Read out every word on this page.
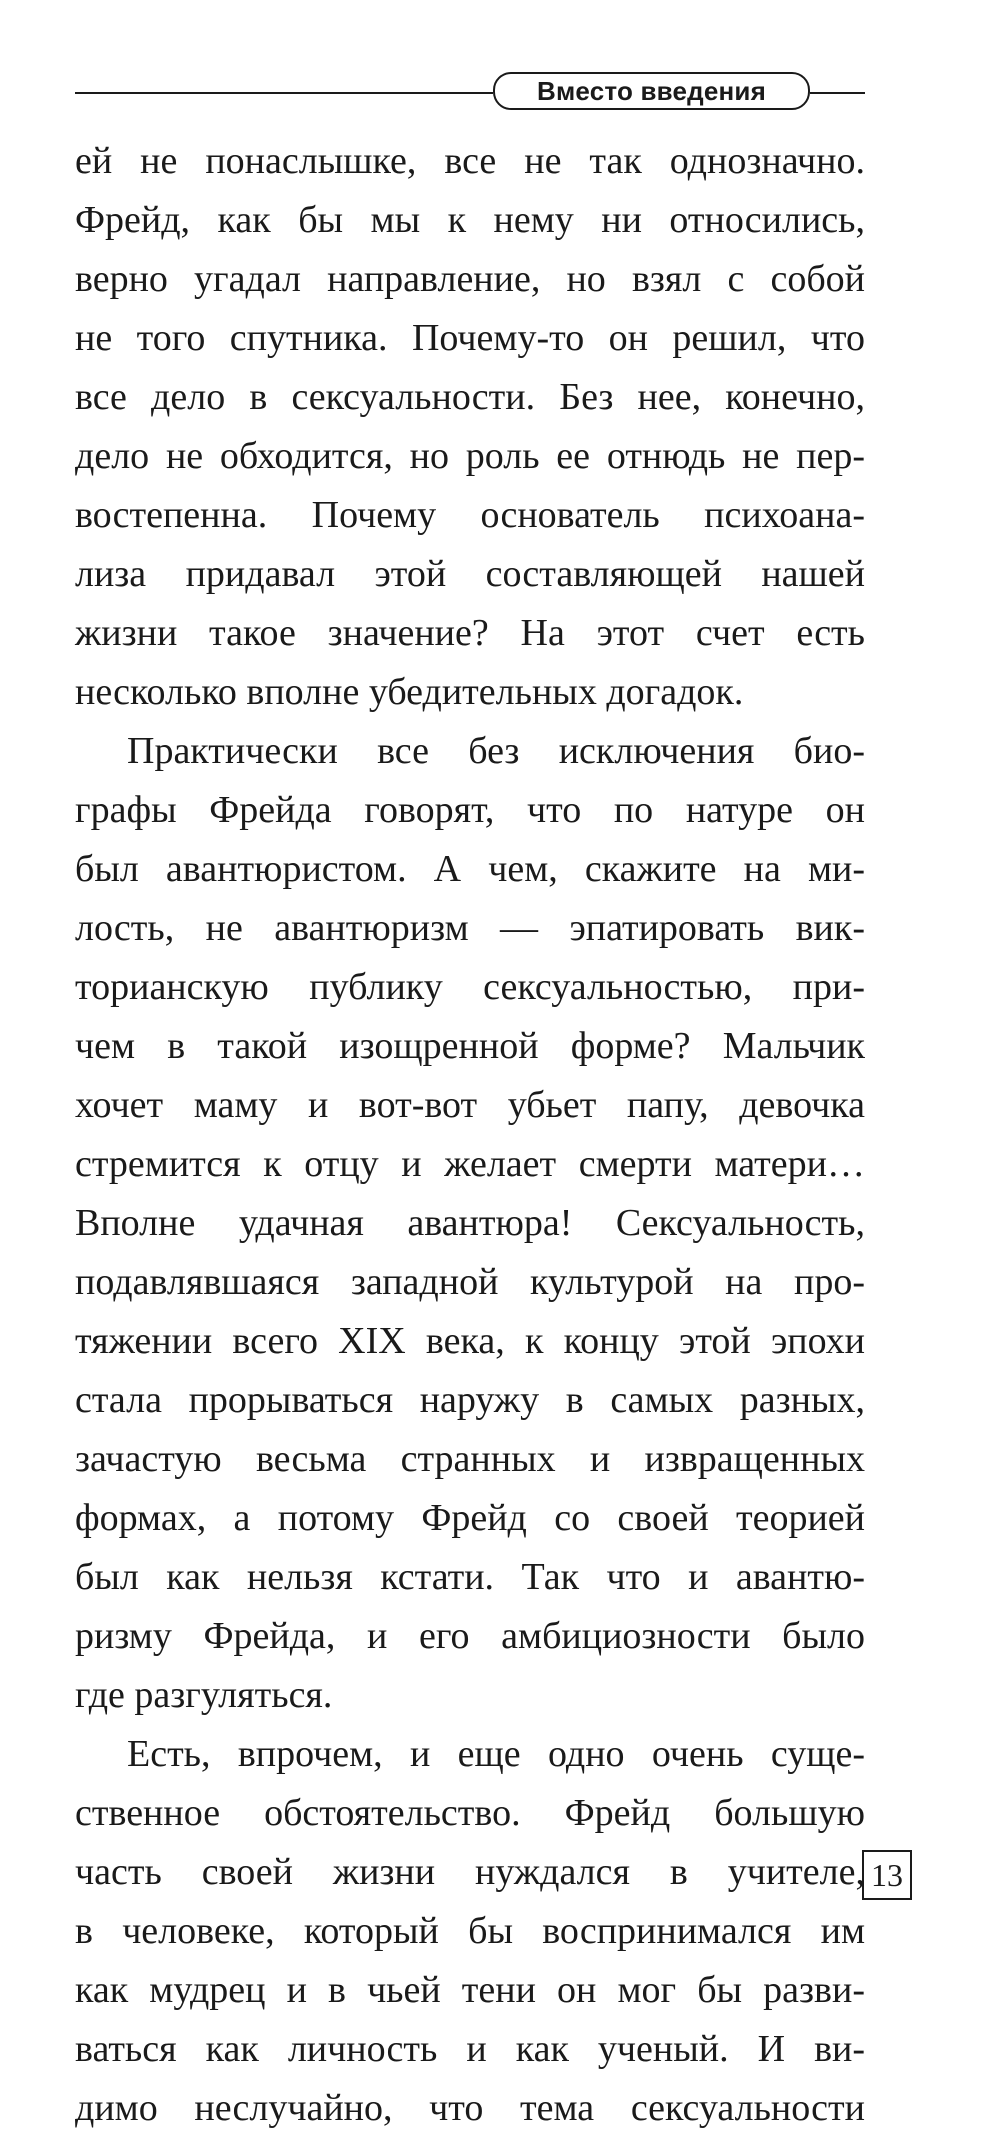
Вместо введения
ей не понаслышке, все не так однозначно.
Фрейд, как бы мы к нему ни относились,
верно угадал направление, но взял с собой
не того спутника. Почему-то он решил, что
все дело в сексуальности. Без нее, конечно,
дело не обходится, но роль ее отнюдь не пер-
востепенна. Почему основатель психоана-
лиза придавал этой составляющей нашей
жизни такое значение? На этот счет есть
несколько вполне убедительных догадок.
Практически все без исключения био-
графы Фрейда говорят, что по натуре он
был авантюристом. А чем, скажите на ми-
лость, не авантюризм — эпатировать вик-
торианскую публику сексуальностью, при-
чем в такой изощренной форме? Мальчик
хочет маму и вот-вот убьет папу, девочка
стремится к отцу и желает смерти матери…
Вполне удачная авантюра! Сексуальность,
подавлявшаяся западной культурой на про-
тяжении всего XIX века, к концу этой эпохи
стала прорываться наружу в самых разных,
зачастую весьма странных и извращенных
формах, а потому Фрейд со своей теорией
был как нельзя кстати. Так что и авантю-
ризму Фрейда, и его амбициозности было
где разгуляться.
Есть, впрочем, и еще одно очень суще-
ственное обстоятельство. Фрейд большую
часть своей жизни нуждался в учителе,
в человеке, который бы воспринимался им
как мудрец и в чьей тени он мог бы разви-
ваться как личность и как ученый. И ви-
димо неслучайно, что тема сексуальности
13
